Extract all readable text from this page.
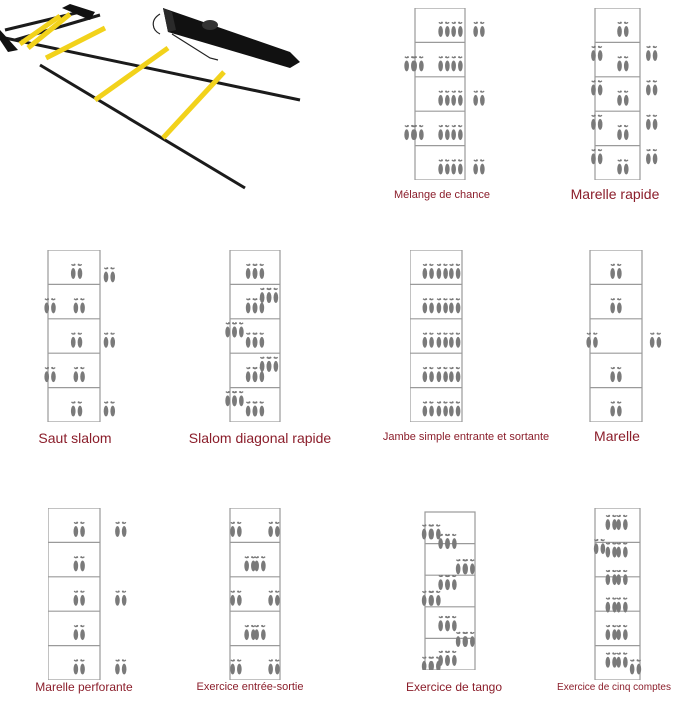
Mélange de chance	Marelle rapide
Saut slalom	Slalom diagonal rapide	Jambe simple entrante et sortante	Marelle
Marelle perforante	Exercice entrée-sortie	Exercice de tango	Exercice de cinq comptes
